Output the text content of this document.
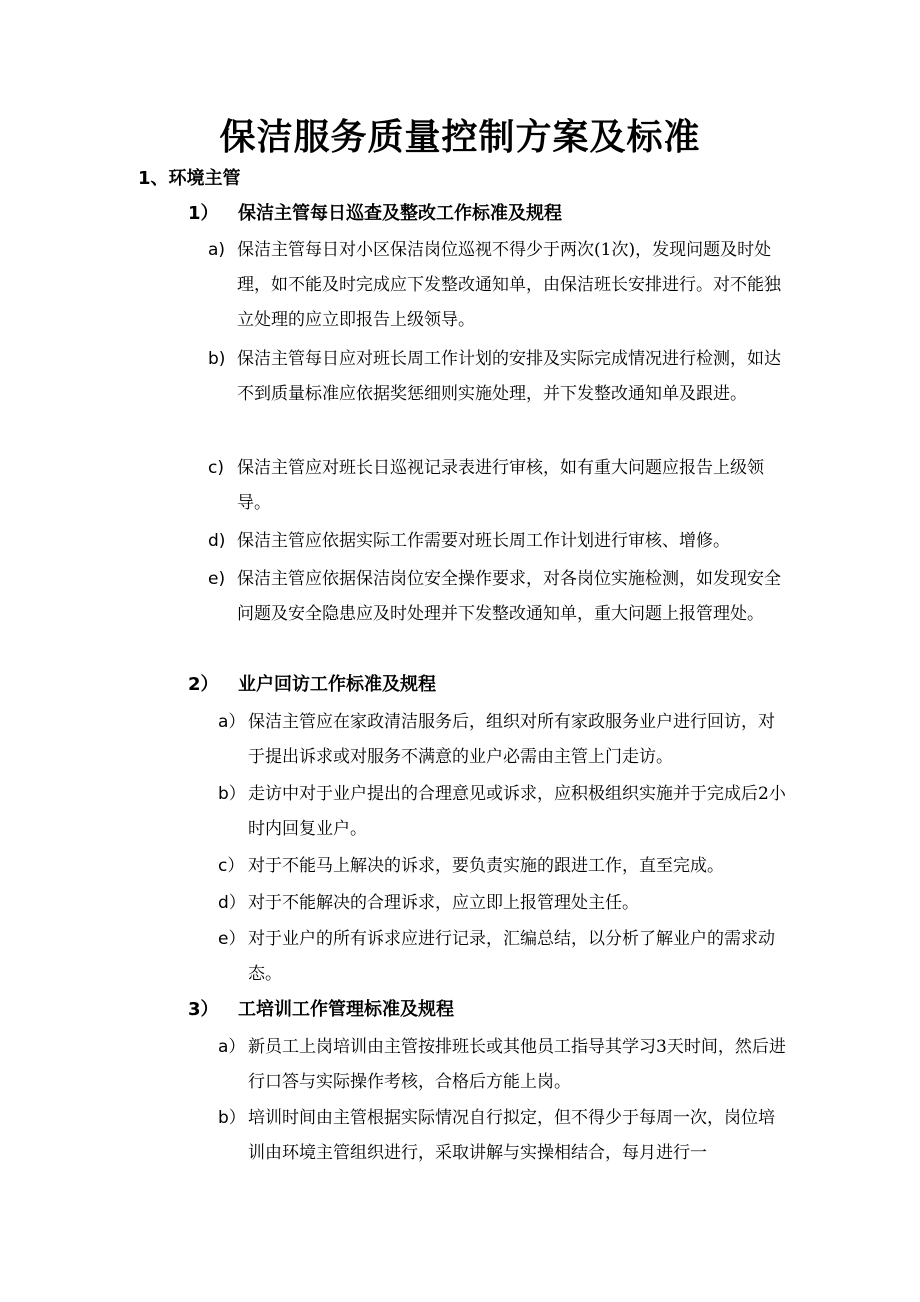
保洁服务质量控制方案及标准
1、环境主管
1） 保洁主管每日巡查及整改工作标准及规程
a) 保洁主管每日对小区保洁岗位巡视不得少于两次(1次)，发现问题及时处理，如不能及时完成应下发整改通知单，由保洁班长安排进行。对不能独立处理的应立即报告上级领导。
b) 保洁主管每日应对班长周工作计划的安排及实际完成情况进行检测，如达不到质量标准应依据奖惩细则实施处理，并下发整改通知单及跟进。
c) 保洁主管应对班长日巡视记录表进行审核，如有重大问题应报告上级领导。
d) 保洁主管应依据实际工作需要对班长周工作计划进行审核、增修。
e) 保洁主管应依据保洁岗位安全操作要求，对各岗位实施检测，如发现安全问题及安全隐患应及时处理并下发整改通知单，重大问题上报管理处。
2） 业户回访工作标准及规程
a） 保洁主管应在家政清洁服务后，组织对所有家政服务业户进行回访，对于提出诉求或对服务不满意的业户必需由主管上门走访。
b） 走访中对于业户提出的合理意见或诉求，应积极组织实施并于完成后2小时内回复业户。
c） 对于不能马上解决的诉求，要负责实施的跟进工作，直至完成。
d） 对于不能解决的合理诉求，应立即上报管理处主任。
e） 对于业户的所有诉求应进行记录，汇编总结，以分析了解业户的需求动态。
3） 工培训工作管理标准及规程
a） 新员工上岗培训由主管按排班长或其他员工指导其学习3天时间，然后进行口答与实际操作考核，合格后方能上岗。
b） 培训时间由主管根据实际情况自行拟定，但不得少于每周一次，岗位培训由环境主管组织进行，采取讲解与实操相结合，每月进行一
